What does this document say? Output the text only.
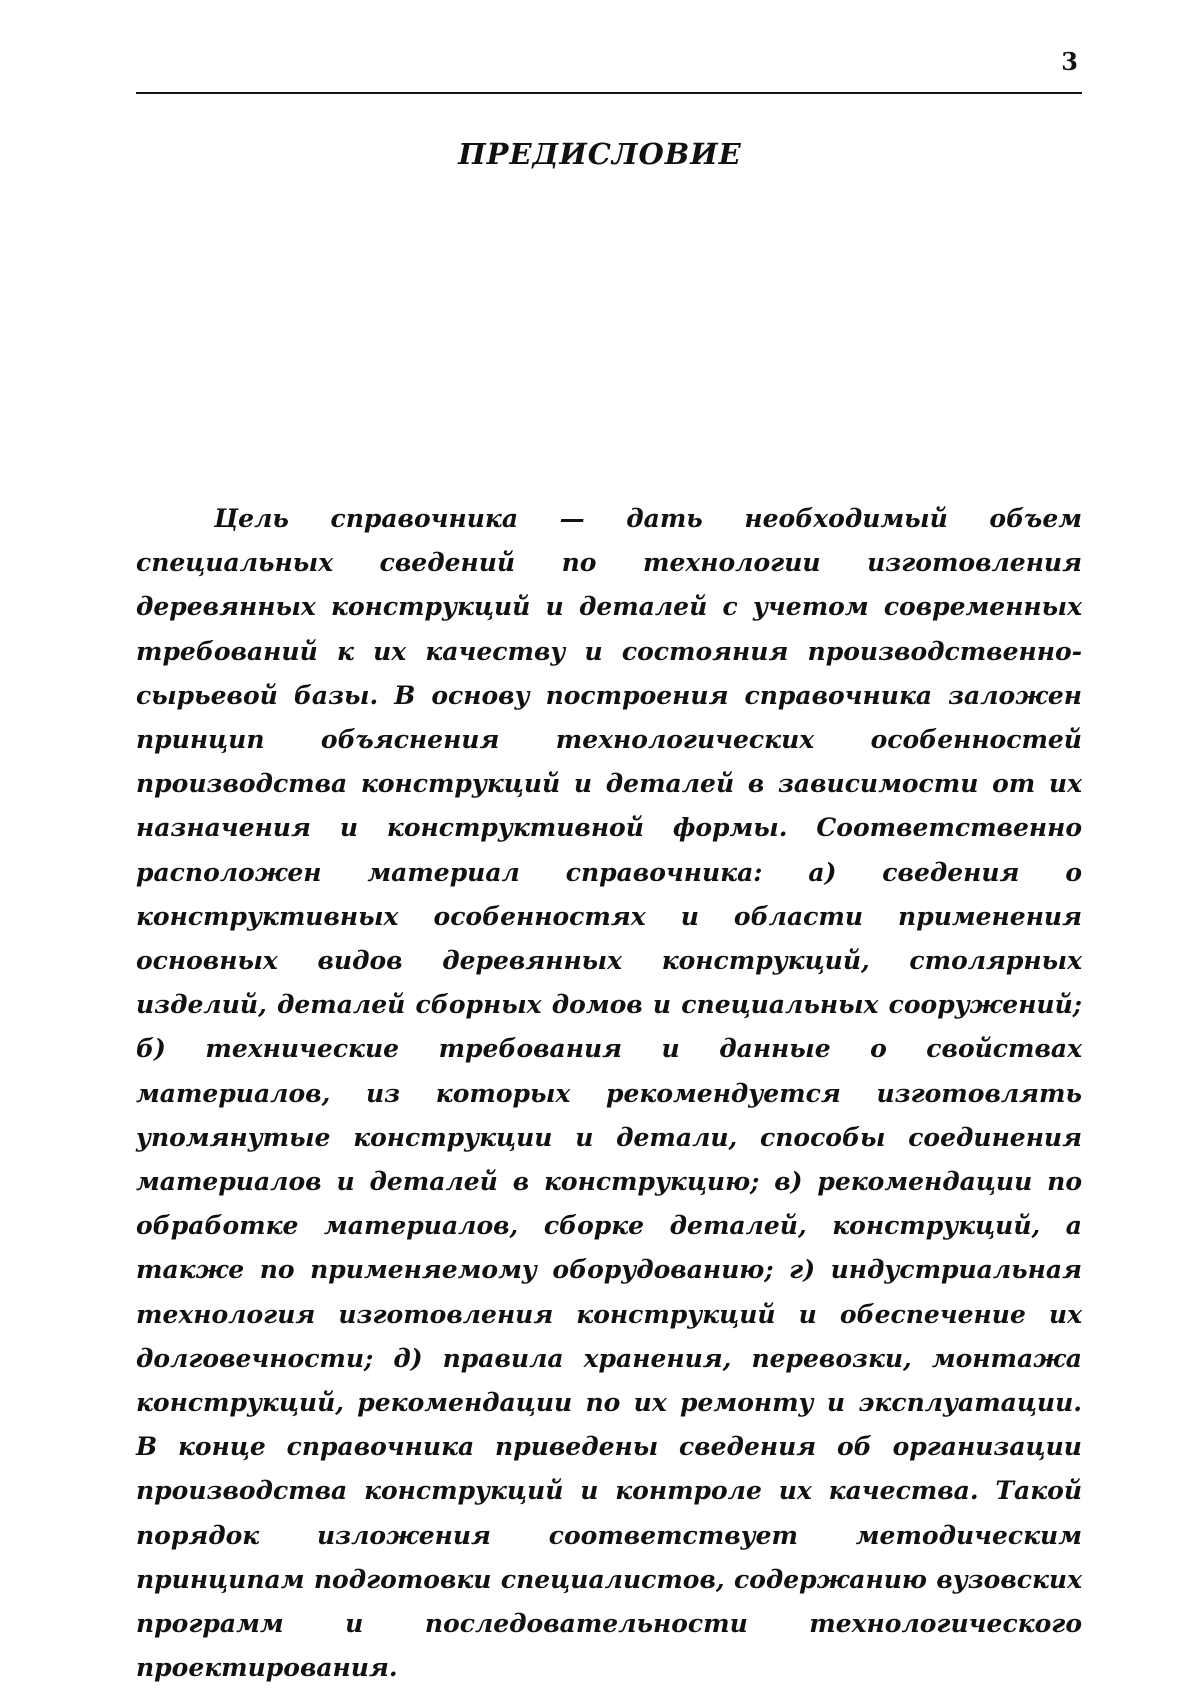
3
ПРЕДИСЛОВИЕ

Цель справочника — дать необходимый объем специальных сведений по технологии изготовления деревянных конструкций и деталей с учетом современных требований к их качеству и состояния производственно-сырьевой базы. В основу построения справочника заложен принцип объяснения технологических особенностей производства конструкций и деталей в зависимости от их назначения и конструктивной формы. Соответственно расположен материал справочника: а) сведения о конструктивных особенностях и области применения основных видов деревянных конструкций, столярных изделий, деталей сборных домов и специальных сооружений; б) технические требования и данные о свойствах материалов, из которых рекомендуется изготовлять упомянутые конструкции и детали, способы соединения материалов и деталей в конструкцию; в) рекомендации по обработке материалов, сборке деталей, конструкций, а также по применяемому оборудованию; г) индустриальная технология изготовления конструкций и обеспечение их долговечности; д) правила хранения, перевозки, монтажа конструкций, рекомендации по их ремонту и эксплуатации. В конце справочника приведены сведения об организации производства конструкций и контроле их качества. Такой порядок изложения соответствует методическим принципам подготовки специалистов, содержанию вузовских программ и последовательности технологического проектирования.
